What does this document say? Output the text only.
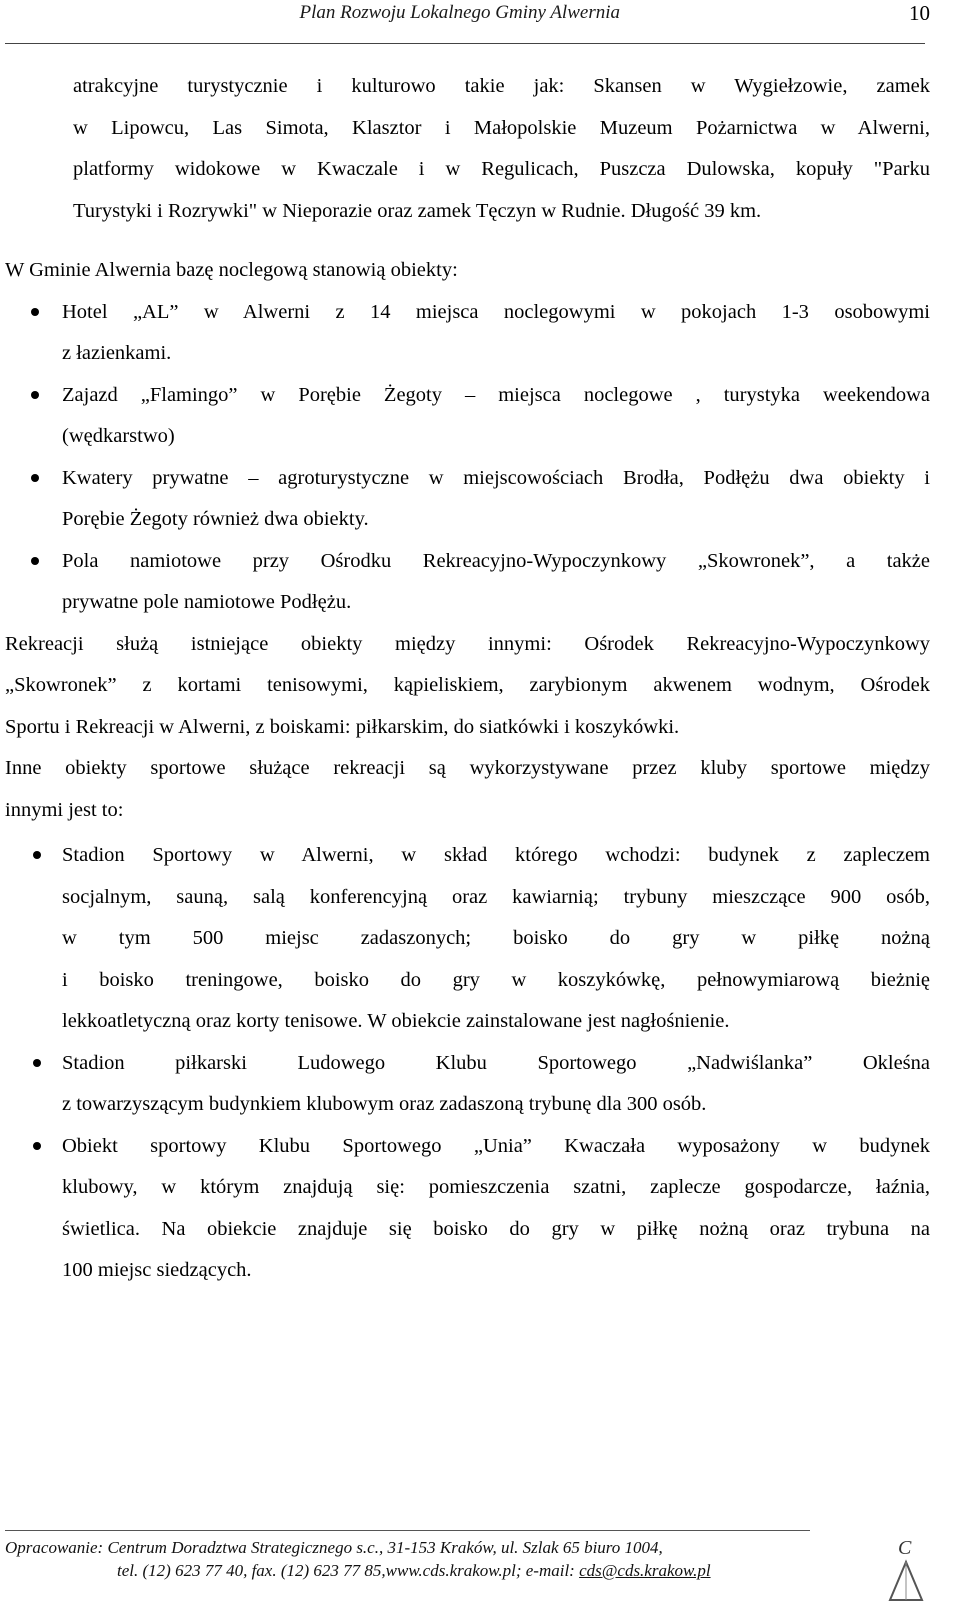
Plan Rozwoju Lokalnego Gminy Alwernia	10

atrakcyjne turystycznie i kulturowo takie jak: Skansen w Wygiełzowie, zamek

w Lipowcu, Las Simota, Klasztor i Małopolskie Muzeum Pożarnictwa w Alwerni,

platformy widokowe w Kwaczale i w Regulicach, Puszcza Dulowska, kopuły "Parku

Turystyki i Rozrywki" w Nieporazie oraz zamek Tęczyn w Rudnie. Długość 39 km.

W Gminie Alwernia bazę noclegową stanowią obiekty:

Hotel „AL” w Alwerni z 14 miejsca noclegowymi w pokojach 1-3 osobowymi

z łazienkami.

Zajazd „Flamingo” w Porębie Żegoty – miejsca noclegowe , turystyka weekendowa

(wędkarstwo)

Kwatery prywatne – agroturystyczne w miejscowościach Brodła, Podłężu dwa obiekty i

Porębie Żegoty również dwa obiekty.

Pola namiotowe przy Ośrodku Rekreacyjno-Wypoczynkowy „Skowronek”, a także

prywatne pole namiotowe Podłężu.

Rekreacji służą istniejące obiekty między innymi: Ośrodek Rekreacyjno-Wypoczynkowy

„Skowronek” z kortami tenisowymi, kąpieliskiem, zarybionym akwenem wodnym, Ośrodek

Sportu i Rekreacji w Alwerni, z boiskami: piłkarskim, do siatkówki i koszykówki.

Inne obiekty sportowe służące rekreacji są wykorzystywane przez kluby sportowe między

innymi jest to:

Stadion Sportowy w Alwerni, w skład którego wchodzi: budynek z zapleczem

socjalnym, sauną, salą konferencyjną oraz kawiarnią; trybuny mieszczące 900 osób,

w tym 500 miejsc zadaszonych; boisko do gry w piłkę nożną

i boisko treningowe, boisko do gry w koszykówkę, pełnowymiarową bieżnię

lekkoatletyczną oraz korty tenisowe. W obiekcie zainstalowane jest nagłośnienie.

Stadion piłkarski Ludowego Klubu Sportowego „Nadwiślanka” Okleśna

z towarzyszącym budynkiem klubowym oraz zadaszoną trybunę dla 300 osób.

Obiekt sportowy Klubu Sportowego „Unia” Kwaczała wyposażony w budynek

klubowy, w którym znajdują się: pomieszczenia szatni, zaplecze gospodarcze, łaźnia,

świetlica. Na obiekcie znajduje się boisko do gry w piłkę nożną oraz trybuna na

100 miejsc siedzących.

Opracowanie: Centrum Doradztwa Strategicznego s.c., 31-153 Kraków, ul. Szlak 65 biuro 1004,
tel. (12) 623 77 40, fax. (12) 623 77 85,www.cds.krakow.pl; e-mail: cds@cds.krakow.pl
C
